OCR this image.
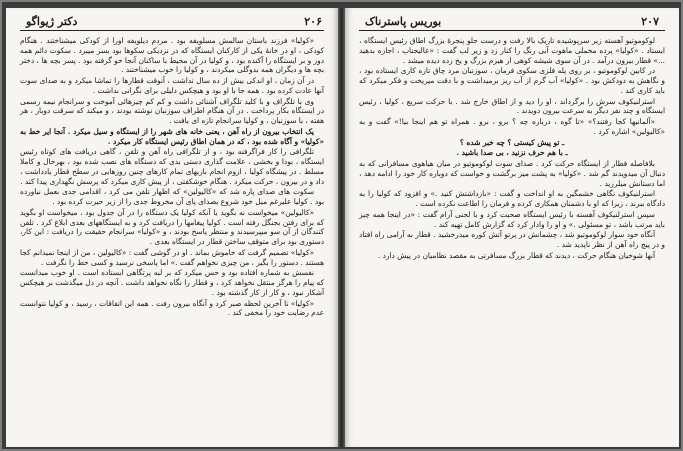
۲۰۶
دکتر ژیواگو

«کولیا» فرزند باستان سالمش مسلویفه بود . مردم دیلویفه اورا از کودکی میشناختند . هنگام کودکی ، او در خانهٔ یکی از کارکنان ایستگاه که در نزدیکی سکوها بود بسر میبرد . سکوت دائم همه دور و بر ایستگاه را آکنده بود ، و کولیا در آن محیط با ساکنان آنجا خو گرفته بود . پسر بچه ها ، دختر بچه ها و دیگران همه بدوگلی میکردند ، و کولیا را خوب میشناختند .

در آن زمان ، او اندکی بیش از ده سال نداشت ، آنوقت قطارها را تماشا میکرد و به صدای سوت آنها عادت کرده بود . همه جا با او بود و هیچکس دلیلی برای نگرانی نداشت .

وی با تلگراف و با کلید تلگراف آشنائی داشت و کم کم چیزهائی آموخت و سرانجام نیمه رسمی در ایستگاه بکار پرداخت . در آن هنگام اطراف سوزنبان نوشته بودند ، و میکند که سرقت دوبار ، هر هفته ، با سوزنبان ، و کولیا سرانجام تازه ای یافت .

یک انتخاب بیرون از راه آهن ، یعنی خانه های شهر را از ایستگاه و سیل میکرد . آنجا ایر خط به «کولیا» و آگاه شده بود ، که در همان اطاق رئیس ایستگاه کار میکرد .

تلگرافی را کار فراگرفته بود ، و از تلگرافی راه آهن و تلفن ، گاهی دریافت های کوتاه رئیس ایستگاه ، بودا و بخشی ، علامت گذاری دستی بدی که دستگاه های نصب شده بود ، بهرحال و کاملا مسلط . در پیشگاه کولیا ، ازوم انجام بازیهای تمام کارهای چنین روزهایی در سطح قطار یادداشت ، داد و در بیرون ، حرکت میکرد . هنگام خوشکفتی ، از پیش کاری میکرد که پرسش نگهداری پیدا کند .

سکوت های صدای پاره شد که «کالیولین» که اظهار تلفن می کرد ، اقدامی جدی بعمل نیاورده بود . کولیا علیرغم میل خود شروع بصدای پای آن مخروط جدی را از زیر حیرت کرده بود .

«کالیولین» میخواست نه بگوید یا آنکه کولیا یک دستگاه را در آن جدول بود ، میخواست او بگوید که برای رفتن بجنگل رفته است . کولیا پیغامها را دریافت کرد و به ایستگاههای بعدی ابلاغ کرد . تلفن کنندگان از آن سو میپرسیدند و منتظر پاسخ بودند ، و «کولیا» سرانجام حقیقت را دریافت : این کار، دستوری بود برای متوقف ساختن قطار در ایستگاه بعدی .

«کولیا» تصمیم گرفت که خاموش بماند . او در گوشی گفت : «کالیولین ، من از اینجا نمیدانم کجا هستند . دستور را بگیر ، من چیزی نخواهم گفت .» اما پاسخی نرسید و کسی خط را نگرفت .

نفسش به شماره افتاده بود و حس میکرد که بر لبه پرتگاهی ایستاده است . او خوب میدانست که پیام را هرگز منتقل نخواهد کرد ، و قطار را نگاه نخواهد داشت . آنچه در دل میگذشت بر هیچکس آشکار نبود ، و کار از کار گذشته بود .

«کولیا» تا آخرین لحظه صبر کرد و آنگاه بیرون رفت . همه این اتفاقات ، رسید ، و کولیا نتوانست عدم رضایت خود را مخفی کند .

۲۰۷
بوریس پاسترناک

لوکوموتیو آهسته زیر سرپوشیده تاریک بالا رفت و درست جلو پنجرهٔ بزرگ اطاق رئیس ایستگاه ، ایستاد . «کولیا» پرده مخملی ماهوت آبی رنگ را کنار زد و زیر لب گفت : «عالیجناب ، اجازه بدهید ...» قطار بیرون درآمد . در آن سوی شیشه کوهی از هیزم بزرگ و یخ زده دیده میشد .

در کابین لوکوموتیو ، بر روی پله فلزی سکوی فرمان ، سوزنبان مرد چاق تازه کاری ایستاده بود ، و نگاهش به دودکش بود . «کولیا» آب گرم از آب ریز برمیداشت و با دقت میریخت و فکر میکرد که باید کاری کند .

استرلنیکوف سرش را برگرداند ، او را دید و از اطاق خارج شد . با حرکت سریع ، کولیا ، رئیس ایستگاه و چند نفر دیگر به سرعت بیرون دویدند .

«آلمانیها کجا رفتند؟» «تا گوه ، درباره چه ؟ برو ، برو . همراه تو هم اینجا بیا!» گفت و به «کالیولین» اشاره کرد .

ـ تو پیش کیستی ؟ چه خبر شده ؟

ـ با هم حرف نزنید ، بی صدا باشید .

بلافاصله قطار از ایستگاه حرکت کرد . صدای سوت لوکوموتیو در میان هیاهوی مسافرانی که به دنبال آن میدویدند گم شد . «کولیا» به پشت میز برگشت و خواست که دوباره کار خود را ادامه دهد ، اما دستانش میلرزید .

استرلنیکوف نگاهی خشمگین به او انداخت و گفت : «بازداشتش کنید .» و افزود که کولیا را به دادگاه ببرند ، زیرا که او با دشمنان همکاری کرده و فرمان را اطاعت نکرده است .

سپس استرلنیکوف آهسته با رئیس ایستگاه صحبت کرد و با لحنی آرام گفت : «در اینجا همه چیز باید مرتب باشد ، تو مسئولی .» و او را وادار کرد که گزارش کامل تهیه کند .

آنگاه خود سوار لوکوموتیو شد ، چشمانش در پرتو آتش کوره میدرخشید . قطار به آرامی راه افتاد و در پیچ راه آهن از نظر ناپدید شد .

آنها شوخیان هنگام حرکت ، دیدند که قطار بزرگ مسافرتی به مقصد نظامیان در پیش دارد .
